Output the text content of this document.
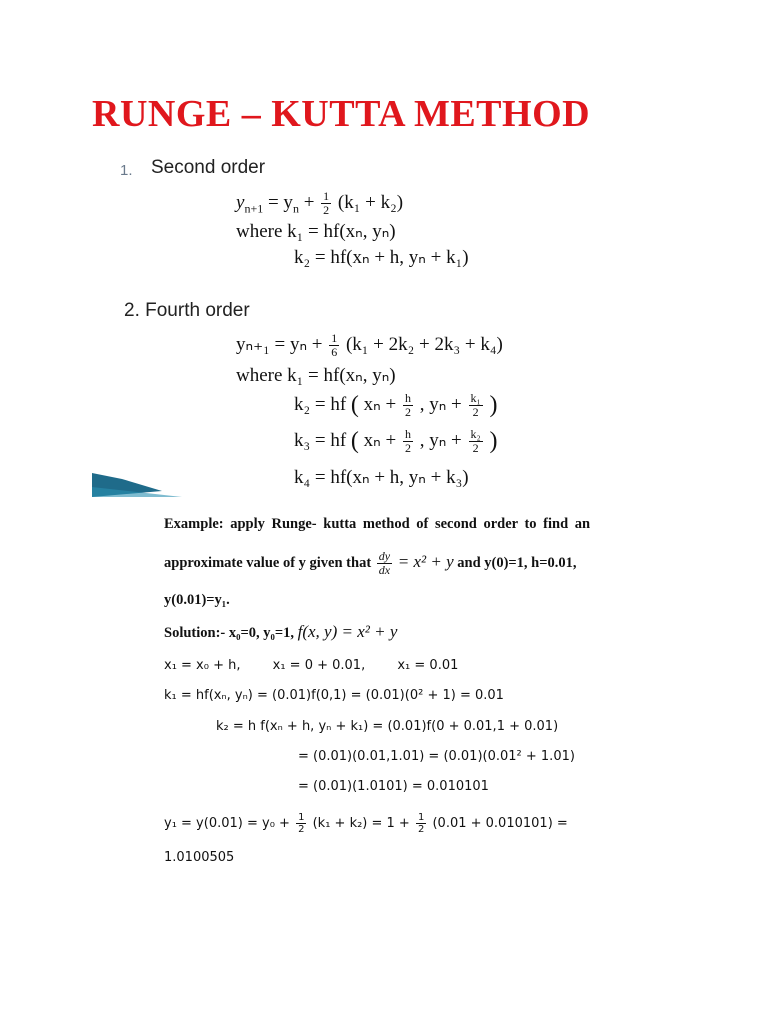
RUNGE – KUTTA METHOD
1. Second order
$y_{n+1} = y_n + \frac{1}{2} (k_1 + k_2)$
where k₁ = hf(xₙ, yₙ)
k₂ = hf(xₙ + h, yₙ + k₁)
2. Fourth order
$y_{n+1} = y_n + \frac{1}{6} (k_1 + 2k_2 + 2k_3 + k_4)$
where k₁ = hf(xₙ, yₙ)
k₂ = hf ( $x_n + \frac{h}{2}$ , $y_n + \frac{\text{k₁}}{2}$ )
k₃ = hf ( $x_n + \frac{h}{2}$ , $y_n + \frac{\text{k₂}}{2}$ )
k₄ = hf(xₙ + h, yₙ + k₃)
Example: apply Runge- kutta method of second order to find an
approximate value of y given that $\frac{dy}{dx} = x^2 + y$ and y(0)=1, h=0.01,
y(0.01)=y₁.
Solution:- x₀=0, y₀=1, f(x, y) = x² + y
x₁ = x₀ + h, x₁ = 0 + 0.01, x₁ = 0.01
k₁ = hf(xₙ, yₙ) = (0.01)f(0,1) = (0.01)(0² + 1) = 0.01
k₂ = h f(xₙ + h, yₙ + k₁) = (0.01)f(0 + 0.01,1 + 0.01)
= (0.01)(0.01,1.01) = (0.01)(0.01² + 1.01)
= (0.01)(1.0101) = 0.010101
$y_1 = y(0.01) = y_0 + \frac{1}{2} (k_1 + k_2) = 1 + \frac{1}{2} (0.01 + 0.010101)$ =
1.0100505
